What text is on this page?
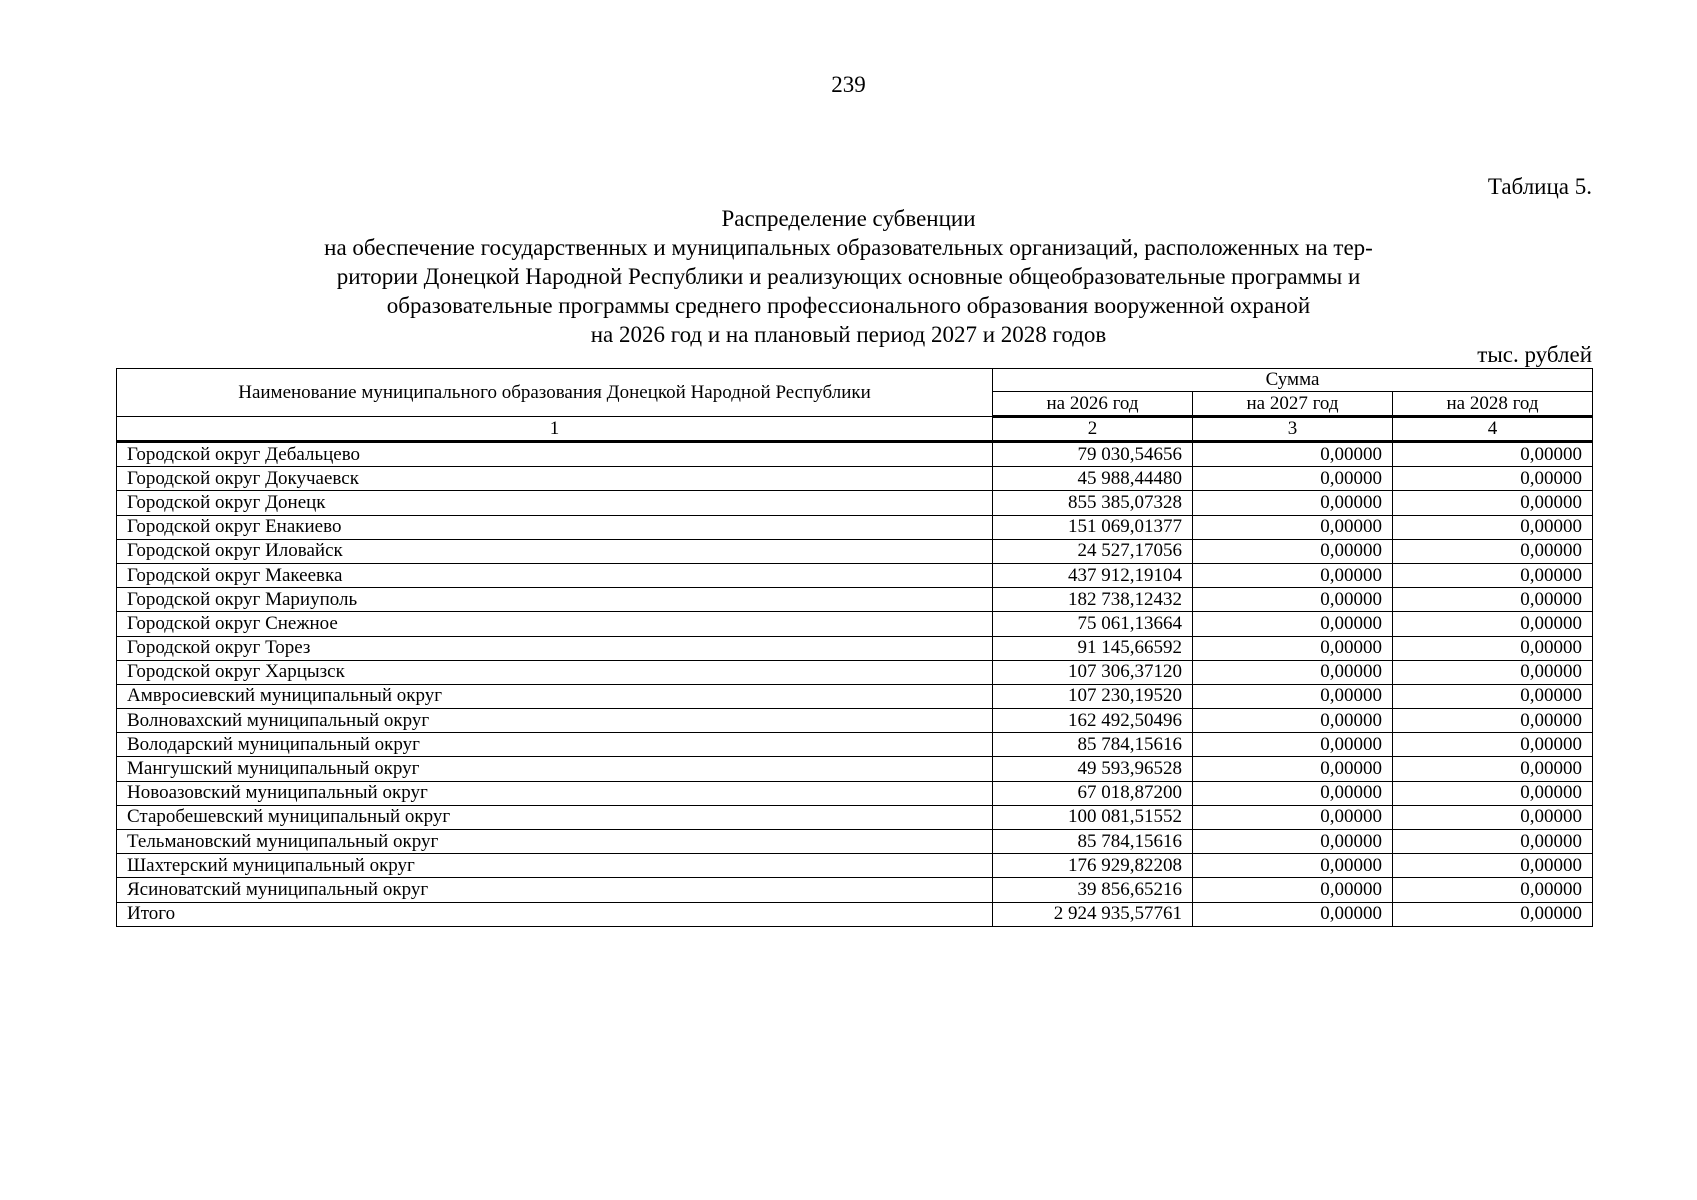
239
Таблица 5.
Распределение субвенции
на обеспечение государственных и муниципальных образовательных организаций, расположенных на тер-
ритории Донецкой Народной Республики и реализующих основные общеобразовательные программы и
образовательные программы среднего профессионального образования вооруженной охраной
на 2026 год и на плановый период 2027 и 2028 годов
тыс. рублей
Наименование муниципального образования Донецкой Народной Республики	Сумма		
	на 2026 год	на 2027 год	на 2028 год
1	2	3	4
Городской округ Дебальцево	79 030,54656	0,00000	0,00000
Городской округ Докучаевск	45 988,44480	0,00000	0,00000
Городской округ Донецк	855 385,07328	0,00000	0,00000
Городской округ Енакиево	151 069,01377	0,00000	0,00000
Городской округ Иловайск	24 527,17056	0,00000	0,00000
Городской округ Макеевка	437 912,19104	0,00000	0,00000
Городской округ Мариуполь	182 738,12432	0,00000	0,00000
Городской округ Снежное	75 061,13664	0,00000	0,00000
Городской округ Торез	91 145,66592	0,00000	0,00000
Городской округ Харцызск	107 306,37120	0,00000	0,00000
Амвросиевский муниципальный округ	107 230,19520	0,00000	0,00000
Волновахский муниципальный округ	162 492,50496	0,00000	0,00000
Володарский муниципальный округ	85 784,15616	0,00000	0,00000
Мангушский муниципальный округ	49 593,96528	0,00000	0,00000
Новоазовский муниципальный округ	67 018,87200	0,00000	0,00000
Старобешевский муниципальный округ	100 081,51552	0,00000	0,00000
Тельмановский муниципальный округ	85 784,15616	0,00000	0,00000
Шахтерский муниципальный округ	176 929,82208	0,00000	0,00000
Ясиноватский муниципальный округ	39 856,65216	0,00000	0,00000
Итого	2 924 935,57761	0,00000	0,00000
